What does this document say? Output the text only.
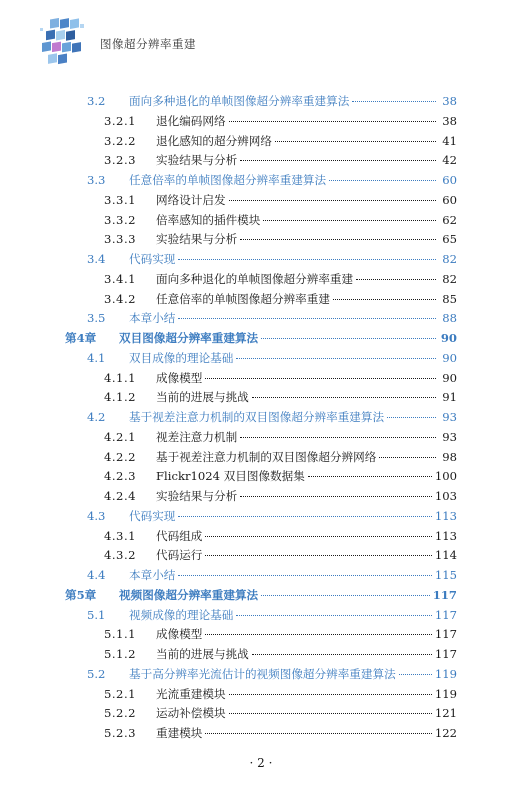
图像超分辨率重建
3.2	面向多种退化的单帧图像超分辨率重建算法	38
3.2.1	退化编码网络	38
3.2.2	退化感知的超分辨网络	41
3.2.3	实验结果与分析	42
3.3	任意倍率的单帧图像超分辨率重建算法	60
3.3.1	网络设计启发	60
3.3.2	倍率感知的插件模块	62
3.3.3	实验结果与分析	65
3.4	代码实现	82
3.4.1	面向多种退化的单帧图像超分辨率重建	82
3.4.2	任意倍率的单帧图像超分辨率重建	85
3.5	本章小结	88
第4章	双目图像超分辨率重建算法	90
4.1	双目成像的理论基础	90
4.1.1	成像模型	90
4.1.2	当前的进展与挑战	91
4.2	基于视差注意力机制的双目图像超分辨率重建算法	93
4.2.1	视差注意力机制	93
4.2.2	基于视差注意力机制的双目图像超分辨网络	98
4.2.3	Flickr1024 双目图像数据集	100
4.2.4	实验结果与分析	103
4.3	代码实现	113
4.3.1	代码组成	113
4.3.2	代码运行	114
4.4	本章小结	115
第5章	视频图像超分辨率重建算法	117
5.1	视频成像的理论基础	117
5.1.1	成像模型	117
5.1.2	当前的进展与挑战	117
5.2	基于高分辨率光流估计的视频图像超分辨率重建算法	119
5.2.1	光流重建模块	119
5.2.2	运动补偿模块	121
5.2.3	重建模块	122
· 2 ·
